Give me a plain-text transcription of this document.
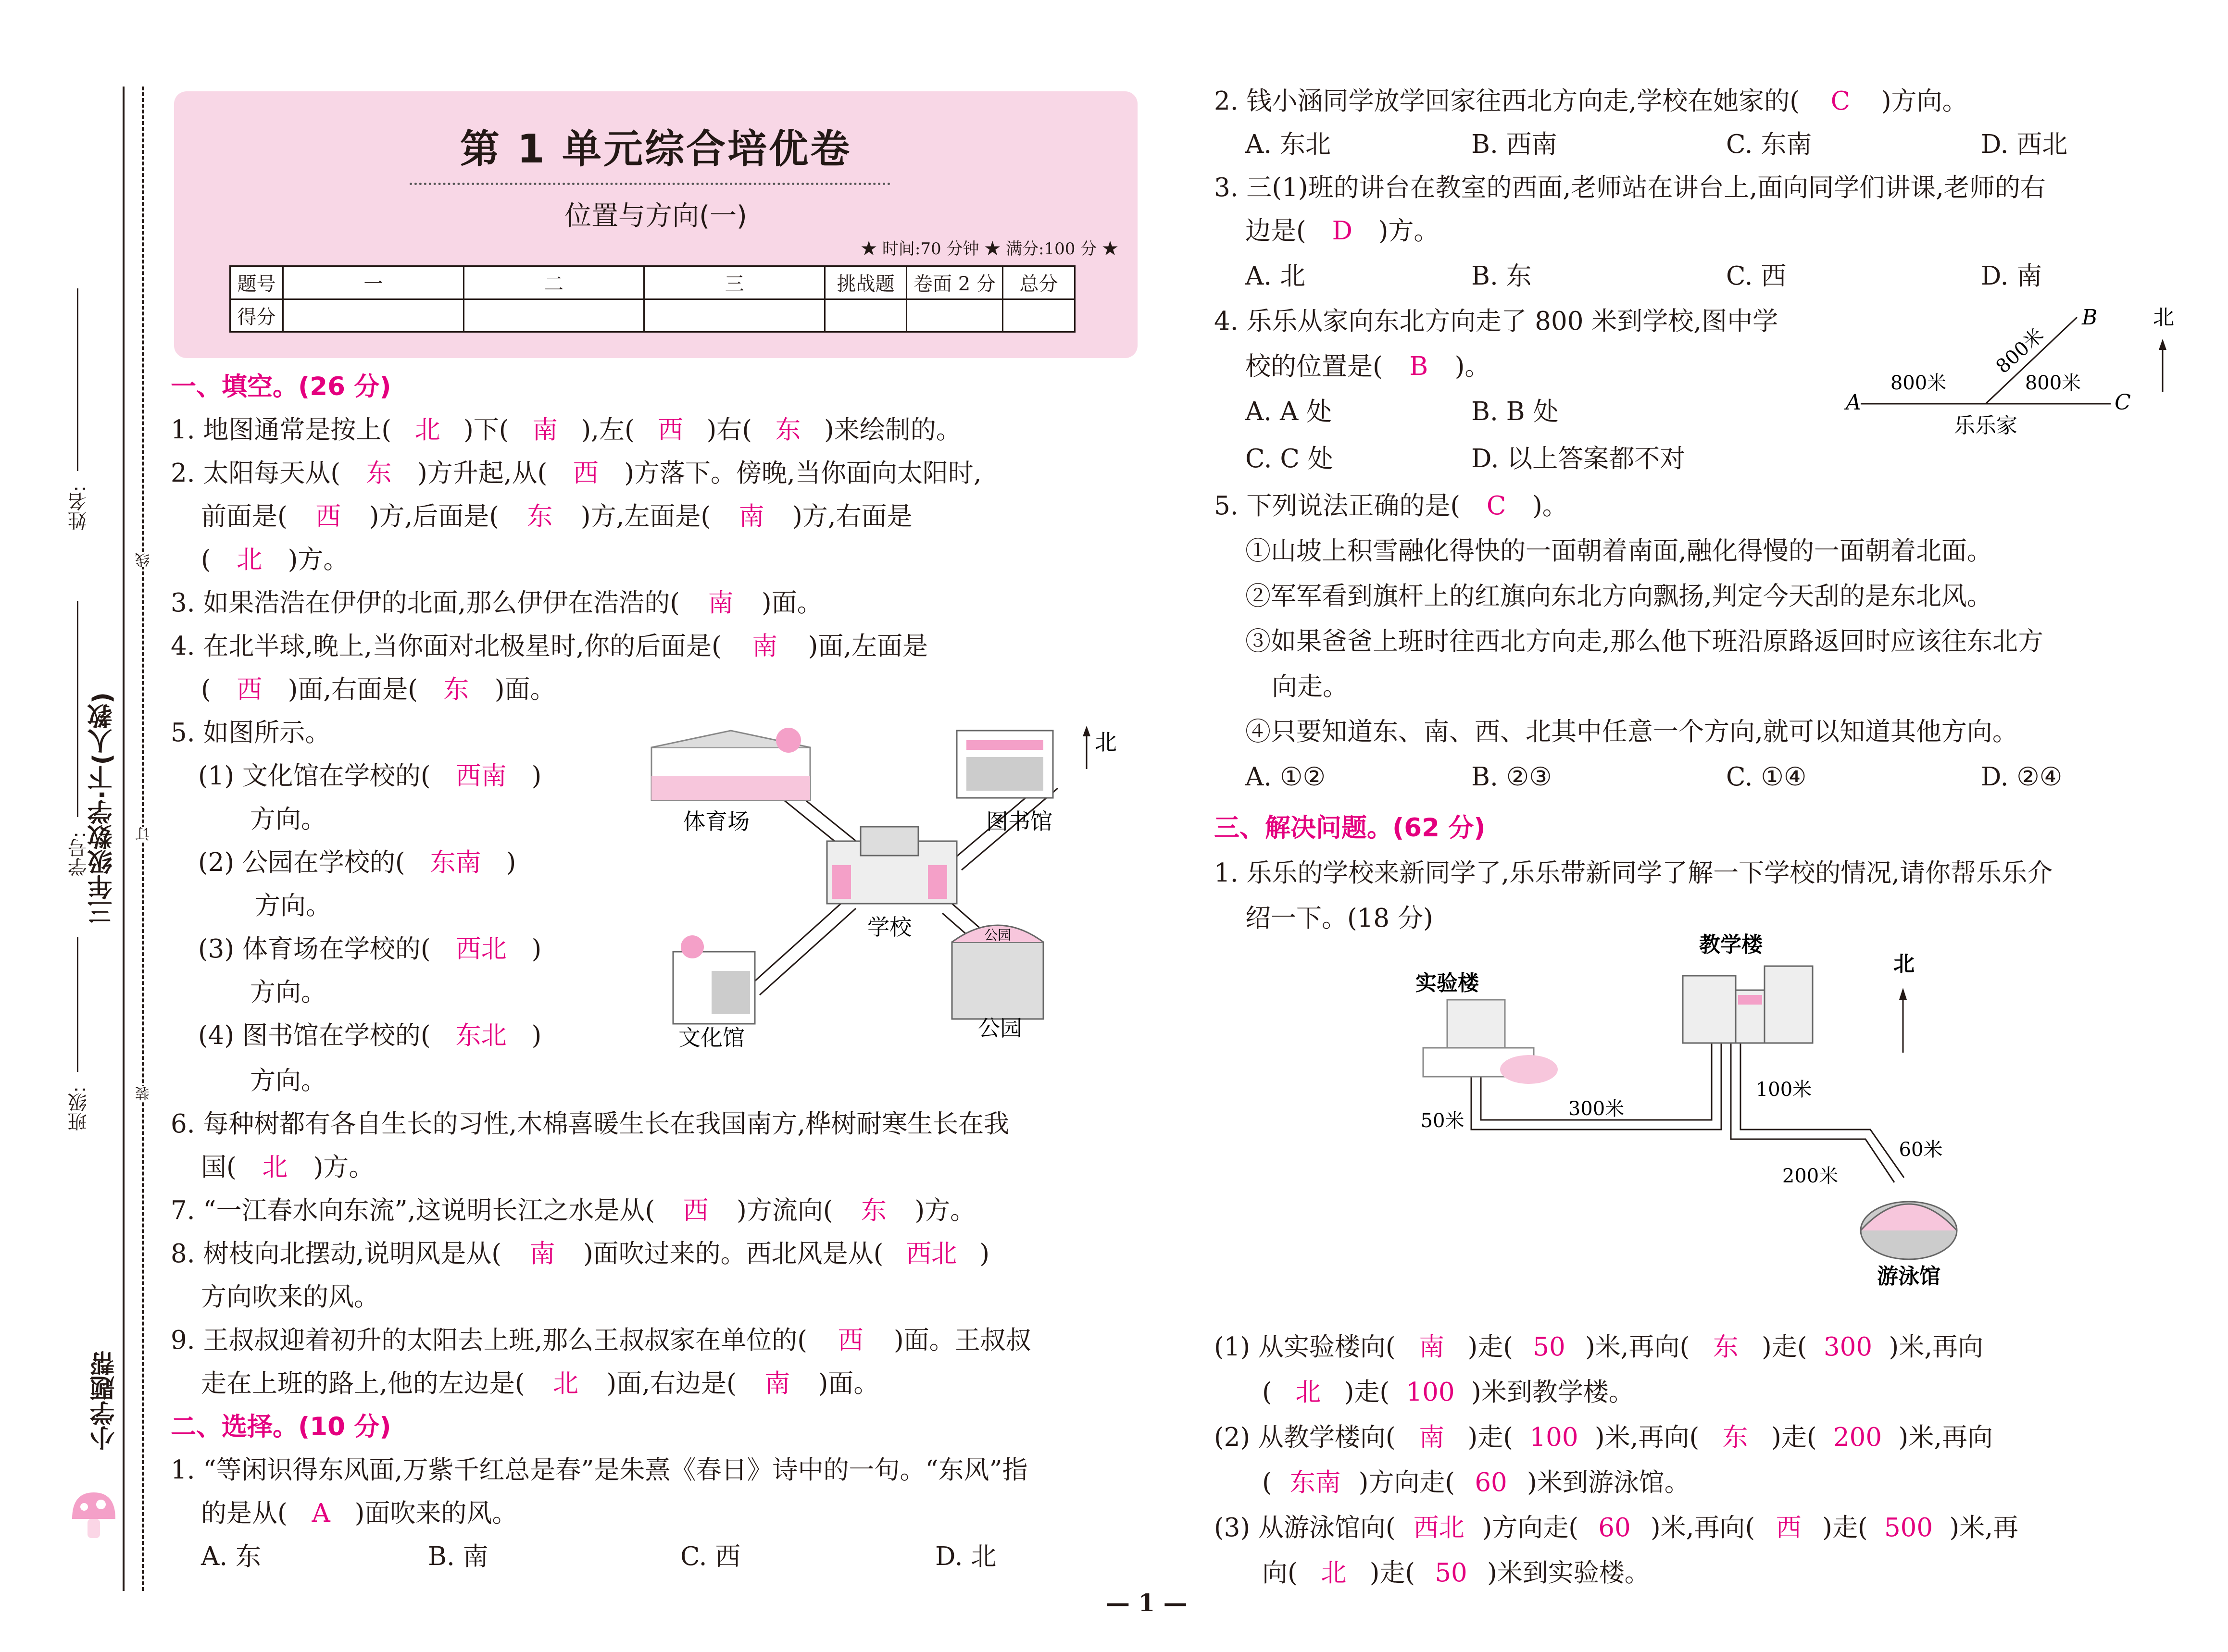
小学题帮
三年级数学·下(人教)
班级:
学号:
姓名:
线
订
装
第 1 单元综合培优卷
位置与方向(一)
★ 时间:70 分钟 ★ 满分:100 分 ★
题号	一	二	三	挑战题	卷面 2 分	总分
得分						
一、填空。(26 分)
1. 地图通常是按上( 北 )下( 南 ),左( 西 )右( 东 )来绘制的。
2. 太阳每天从( 东 )方升起,从( 西 )方落下。傍晚,当你面向太阳时,
前面是( 西 )方,后面是( 东 )方,左面是( 南 )方,右面是
( 北 )方。
3. 如果浩浩在伊伊的北面,那么伊伊在浩浩的( 南 )面。
4. 在北半球,晚上,当你面对北极星时,你的后面是( 南 )面,左面是
( 西 )面,右面是( 东 )面。
5. 如图所示。
(1) 文化馆在学校的( 西南 )
方向。
(2) 公园在学校的( 东南 )
方向。
(3) 体育场在学校的( 西北 )
方向。
(4) 图书馆在学校的( 东北 )
方向。
公园
体育场	图书馆
学校
文化馆	公园
北
6. 每种树都有各自生长的习性,木棉喜暖生长在我国南方,桦树耐寒生长在我
国( 北 )方。
7. “一江春水向东流”,这说明长江之水是从( 西 )方流向( 东 )方。
8. 树枝向北摆动,说明风是从( 南 )面吹过来的。西北风是从( 西北 )
方向吹来的风。
9. 王叔叔迎着初升的太阳去上班,那么王叔叔家在单位的( 西 )面。王叔叔
走在上班的路上,他的左边是( 北 )面,右边是( 南 )面。
二、选择。(10 分)
1. “等闲识得东风面,万紫千红总是春”是朱熹《春日》诗中的一句。“东风”指
的是从( A )面吹来的风。
A. 东	B. 南	C. 西	D. 北
2. 钱小涵同学放学回家往西北方向走,学校在她家的( C )方向。
A. 东北	B. 西南	C. 东南	D. 西北
3. 三(1)班的讲台在教室的西面,老师站在讲台上,面向同学们讲课,老师的右
边是( D )方。
A. 北	B. 东	C. 西	D. 南
4. 乐乐从家向东北方向走了 800 米到学校,图中学
校的位置是( B )。
A. A 处	B. B 处
C. C 处	D. 以上答案都不对
A
B
C
800米	800米
800米
乐乐家
北
5. 下列说法正确的是( C )。
①山坡上积雪融化得快的一面朝着南面,融化得慢的一面朝着北面。
②军军看到旗杆上的红旗向东北方向飘扬,判定今天刮的是东北风。
③如果爸爸上班时往西北方向走,那么他下班沿原路返回时应该往东北方
向走。
④只要知道东、南、西、北其中任意一个方向,就可以知道其他方向。
A. ①②	B. ②③	C. ①④	D. ②④
三、解决问题。(62 分)
1. 乐乐的学校来新同学了,乐乐带新同学了解一下学校的情况,请你帮乐乐介
绍一下。(18 分)
实验楼
教学楼
游泳馆
50米
300米
100米
60米
200米
北
(1) 从实验楼向( 南 )走( 50 )米,再向( 东 )走( 300 )米,再向
( 北 )走( 100 )米到教学楼。
(2) 从教学楼向( 南 )走( 100 )米,再向( 东 )走( 200 )米,再向
( 东南 )方向走( 60 )米到游泳馆。
(3) 从游泳馆向( 西北 )方向走( 60 )米,再向( 西 )走( 500 )米,再
向( 北 )走( 50 )米到实验楼。
— 1 —
